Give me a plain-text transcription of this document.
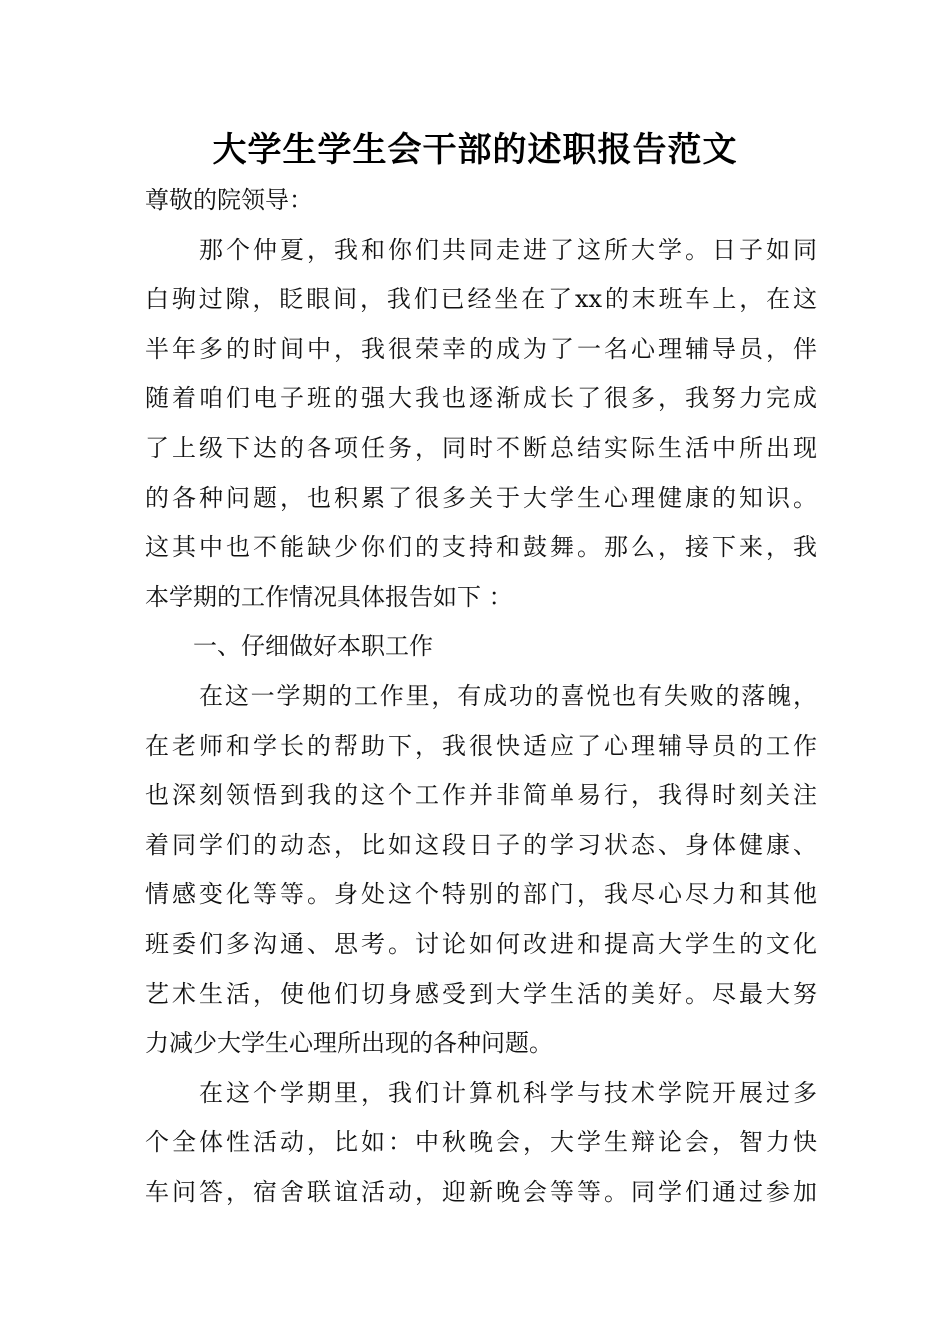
大学生学生会干部的述职报告范文
尊敬的院领导：
那个仲夏，我和你们共同走进了这所大学。日子如同
白驹过隙，眨眼间，我们已经坐在了xx的末班车上，在这
半年多的时间中，我很荣幸的成为了一名心理辅导员，伴
随着咱们电子班的强大我也逐渐成长了很多，我努力完成
了上级下达的各项任务，同时不断总结实际生活中所出现
的各种问题，也积累了很多关于大学生心理健康的知识。
这其中也不能缺少你们的支持和鼓舞。那么，接下来，我
本学期的工作情况具体报告如下 ：
一、仔细做好本职工作
在这一学期的工作里，有成功的喜悦也有失败的落魄，
在老师和学长的帮助下，我很快适应了心理辅导员的工作
也深刻领悟到我的这个工作并非简单易行，我得时刻关注
着同学们的动态，比如这段日子的学习状态、身体健康、
情感变化等等。身处这个特别的部门，我尽心尽力和其他
班委们多沟通、思考。讨论如何改进和提高大学生的文化
艺术生活，使他们切身感受到大学生活的美好。尽最大努
力减少大学生心理所出现的各种问题。
在这个学期里，我们计算机科学与技术学院开展过多
个全体性活动，比如：中秋晚会，大学生辩论会，智力快
车问答，宿舍联谊活动，迎新晚会等等。同学们通过参加
